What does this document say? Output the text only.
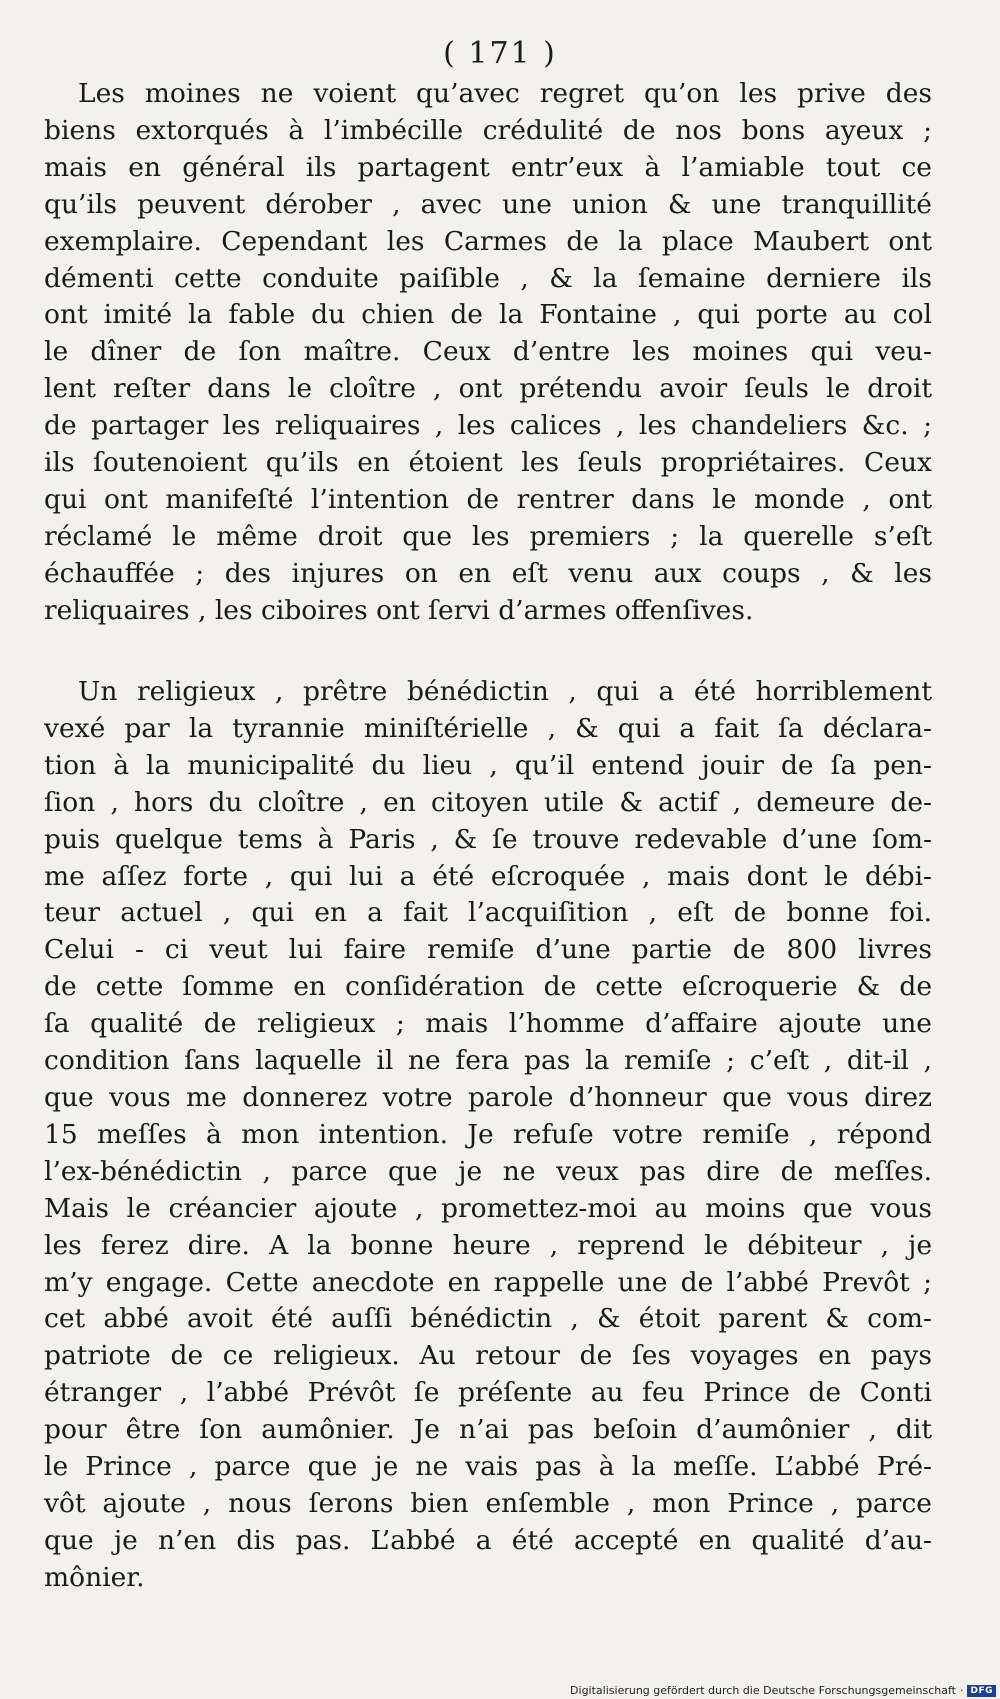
( 171 )
Les moines ne voient qu’avec regret qu’on les prive des
biens extorqués à l’imbécille crédulité de nos bons ayeux ;
mais en général ils partagent entr’eux à l’amiable tout ce
qu’ils peuvent dérober , avec une union & une tranquillité
exemplaire. Cependant les Carmes de la place Maubert ont
démenti cette conduite paiſible , & la ſemaine derniere ils
ont imité la fable du chien de la Fontaine , qui porte au col
le dîner de ſon maître. Ceux d’entre les moines qui veu-
lent reſter dans le cloître , ont prétendu avoir ſeuls le droit
de partager les reliquaires , les calices , les chandeliers &c. ;
ils ſoutenoient qu’ils en étoient les ſeuls propriétaires. Ceux
qui ont manifeſté l’intention de rentrer dans le monde , ont
réclamé le même droit que les premiers ; la querelle s’eſt
échauffée ; des injures on en eſt venu aux coups , & les
reliquaires , les ciboires ont ſervi d’armes offenſives.
Un religieux , prêtre bénédictin , qui a été horriblement
vexé par la tyrannie miniſtérielle , & qui a fait ſa déclara-
tion à la municipalité du lieu , qu’il entend jouir de ſa pen-
ſion , hors du cloître , en citoyen utile & actif , demeure de-
puis quelque tems à Paris , & ſe trouve redevable d’une ſom-
me aſſez forte , qui lui a été eſcroquée , mais dont le débi-
teur actuel , qui en a fait l’acquiſition , eſt de bonne foi.
Celui - ci veut lui faire remiſe d’une partie de 800 livres
de cette ſomme en conſidération de cette eſcroquerie & de
ſa qualité de religieux ; mais l’homme d’affaire ajoute une
condition ſans laquelle il ne fera pas la remiſe ; c’eſt , dit-il ,
que vous me donnerez votre parole d’honneur que vous direz
15 meſſes à mon intention. Je refuſe votre remiſe , répond
l’ex-bénédictin , parce que je ne veux pas dire de meſſes.
Mais le créancier ajoute , promettez-moi au moins que vous
les ferez dire. A la bonne heure , reprend le débiteur , je
m’y engage. Cette anecdote en rappelle une de l’abbé Prevôt ;
cet abbé avoit été auſſi bénédictin , & étoit parent & com-
patriote de ce religieux. Au retour de ſes voyages en pays
étranger , l’abbé Prévôt ſe préſente au feu Prince de Conti
pour être ſon aumônier. Je n’ai pas beſoin d’aumônier , dit
le Prince , parce que je ne vais pas à la meſſe. L’abbé Pré-
vôt ajoute , nous ſerons bien enſemble , mon Prince , parce
que je n’en dis pas. L’abbé a été accepté en qualité d’au-
mônier.
Digitalisierung gefördert durch die Deutsche Forschungsgemeinschaft · DFG
